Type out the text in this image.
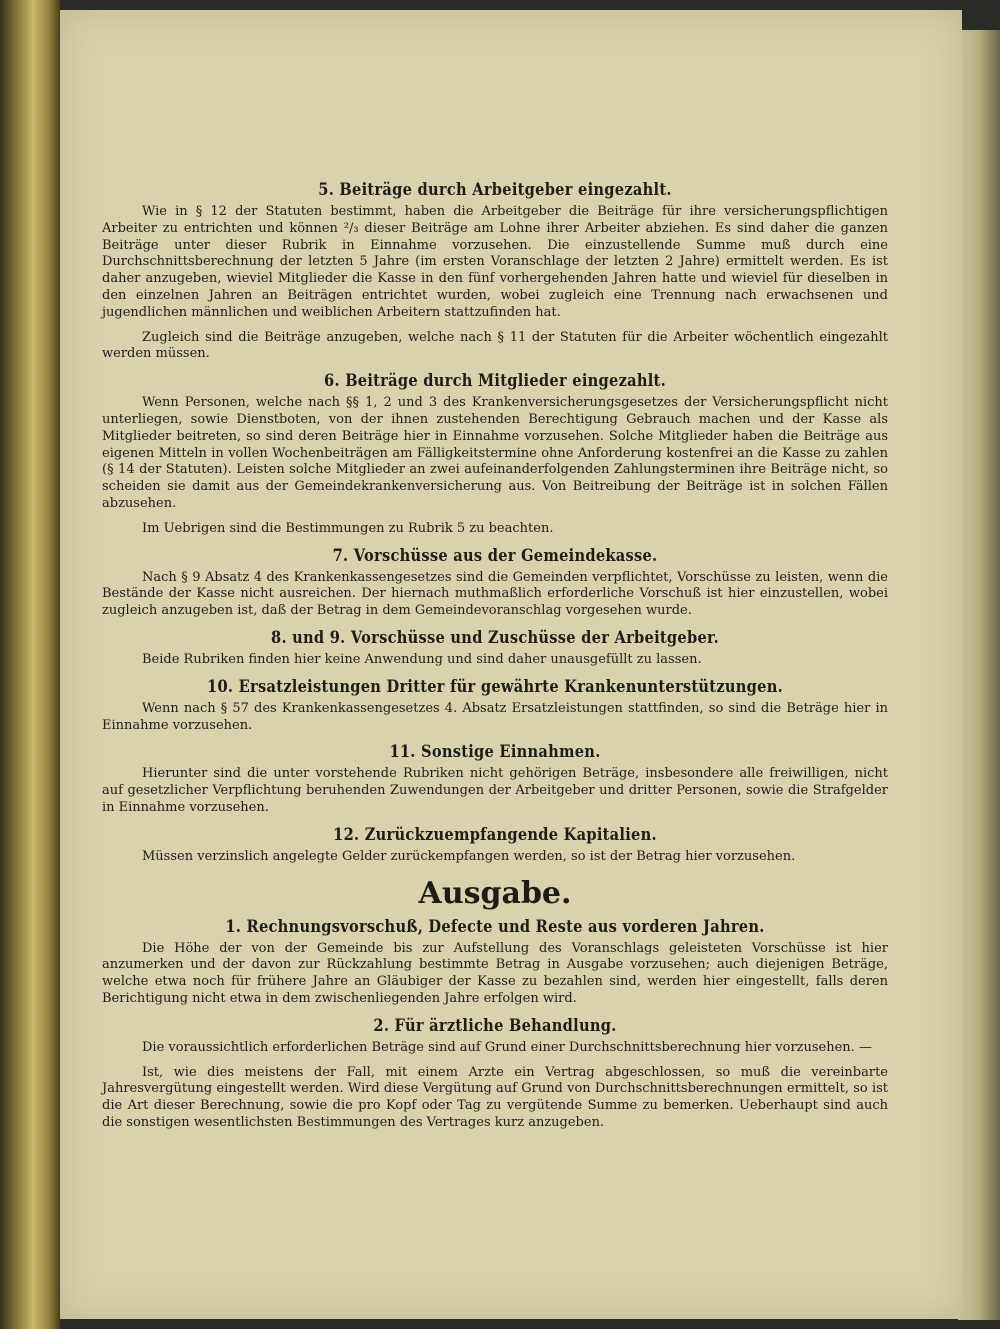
5. Beiträge durch Arbeitgeber eingezahlt.

Wie in § 12 der Statuten bestimmt, haben die Arbeitgeber die Beiträge für ihre versicherungspflichtigen Arbeiter zu entrichten und können ²/₃ dieser Beiträge am Lohne ihrer Arbeiter abziehen. Es sind daher die ganzen Beiträge unter dieser Rubrik in Einnahme vorzusehen. Die einzustellende Summe muß durch eine Durchschnittsberechnung der letzten 5 Jahre (im ersten Voranschlage der letzten 2 Jahre) ermittelt werden. Es ist daher anzugeben, wieviel Mitglieder die Kasse in den fünf vorhergehenden Jahren hatte und wieviel für dieselben in den einzelnen Jahren an Beiträgen entrichtet wurden, wobei zugleich eine Trennung nach erwachsenen und jugendlichen männlichen und weiblichen Arbeitern stattzufinden hat.

Zugleich sind die Beiträge anzugeben, welche nach § 11 der Statuten für die Arbeiter wöchentlich eingezahlt werden müssen.

6. Beiträge durch Mitglieder eingezahlt.

Wenn Personen, welche nach §§ 1, 2 und 3 des Krankenversicherungsgesetzes der Versicherungspflicht nicht unterliegen, sowie Dienstboten, von der ihnen zustehenden Berechtigung Gebrauch machen und der Kasse als Mitglieder beitreten, so sind deren Beiträge hier in Einnahme vorzusehen. Solche Mitglieder haben die Beiträge aus eigenen Mitteln in vollen Wochenbeiträgen am Fälligkeitstermine ohne Anforderung kostenfrei an die Kasse zu zahlen (§ 14 der Statuten). Leisten solche Mitglieder an zwei aufeinanderfolgenden Zahlungsterminen ihre Beiträge nicht, so scheiden sie damit aus der Gemeindekrankenversicherung aus. Von Beitreibung der Beiträge ist in solchen Fällen abzusehen.

Im Uebrigen sind die Bestimmungen zu Rubrik 5 zu beachten.

7. Vorschüsse aus der Gemeindekasse.

Nach § 9 Absatz 4 des Krankenkassengesetzes sind die Gemeinden verpflichtet, Vorschüsse zu leisten, wenn die Bestände der Kasse nicht ausreichen. Der hiernach muthmaßlich erforderliche Vorschuß ist hier einzustellen, wobei zugleich anzugeben ist, daß der Betrag in dem Gemeindevoranschlag vorgesehen wurde.

8. und 9. Vorschüsse und Zuschüsse der Arbeitgeber.

Beide Rubriken finden hier keine Anwendung und sind daher unausgefüllt zu lassen.

10. Ersatzleistungen Dritter für gewährte Krankenunterstützungen.

Wenn nach § 57 des Krankenkassengesetzes 4. Absatz Ersatzleistungen stattfinden, so sind die Beträge hier in Einnahme vorzusehen.

11. Sonstige Einnahmen.

Hierunter sind die unter vorstehende Rubriken nicht gehörigen Beträge, insbesondere alle freiwilligen, nicht auf gesetzlicher Verpflichtung beruhenden Zuwendungen der Arbeitgeber und dritter Personen, sowie die Strafgelder in Einnahme vorzusehen.

12. Zurückzuempfangende Kapitalien.

Müssen verzinslich angelegte Gelder zurückempfangen werden, so ist der Betrag hier vorzusehen.

Ausgabe.
1. Rechnungsvorschuß, Defecte und Reste aus vorderen Jahren.

Die Höhe der von der Gemeinde bis zur Aufstellung des Voranschlags geleisteten Vorschüsse ist hier anzumerken und der davon zur Rückzahlung bestimmte Betrag in Ausgabe vorzusehen; auch diejenigen Beträge, welche etwa noch für frühere Jahre an Gläubiger der Kasse zu bezahlen sind, werden hier eingestellt, falls deren Berichtigung nicht etwa in dem zwischenliegenden Jahre erfolgen wird.

2. Für ärztliche Behandlung.

Die voraussichtlich erforderlichen Beträge sind auf Grund einer Durchschnittsberechnung hier vorzusehen. —

Ist, wie dies meistens der Fall, mit einem Arzte ein Vertrag abgeschlossen, so muß die vereinbarte Jahresvergütung eingestellt werden. Wird diese Vergütung auf Grund von Durchschnittsberechnungen ermittelt, so ist die Art dieser Berechnung, sowie die pro Kopf oder Tag zu vergütende Summe zu bemerken. Ueberhaupt sind auch die sonstigen wesentlichsten Bestimmungen des Vertrages kurz anzugeben.
